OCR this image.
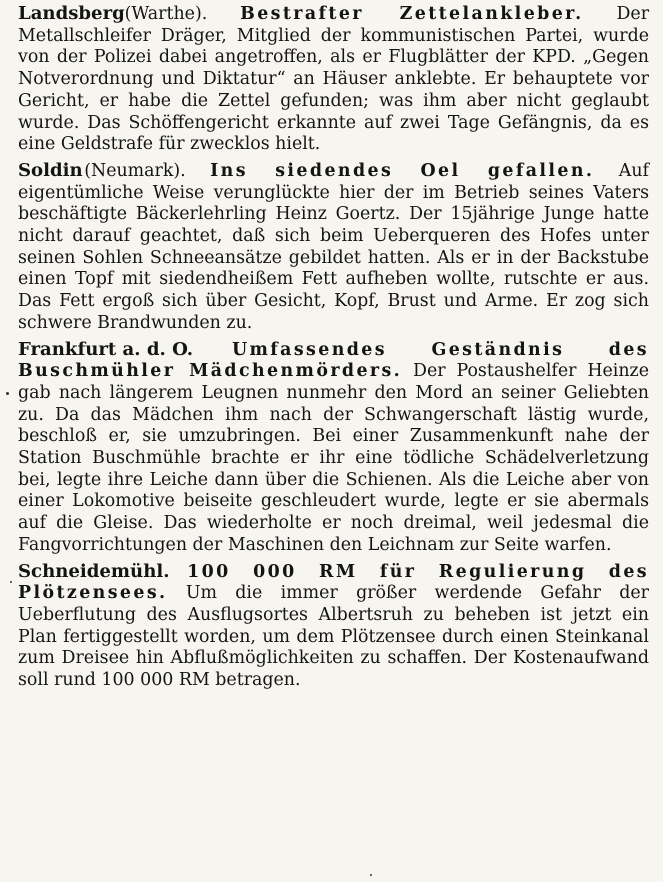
Landsberg(Warthe). Bestrafter Zettelankleber. Der Metallschleifer Dräger, Mitglied der kommunistischen Partei, wurde von der Polizei dabei angetroffen, als er Flugblätter der KPD. „Gegen Notverordnung und Diktatur“ an Häuser anklebte. Er behauptete vor Gericht, er habe die Zettel gefunden; was ihm aber nicht geglaubt wurde. Das Schöffengericht erkannte auf zwei Tage Gefängnis, da es eine Geldstrafe für zwecklos hielt.

Soldin(Neumark). Ins siedendes Oel gefallen. Auf eigentümliche Weise verunglückte hier der im Betrieb seines Vaters beschäftigte Bäckerlehrling Heinz Goertz. Der 15jährige Junge hatte nicht darauf geachtet, daß sich beim Ueberqueren des Hofes unter seinen Sohlen Schneeansätze gebildet hatten. Als er in der Backstube einen Topf mit siedendheißem Fett aufheben wollte, rutschte er aus. Das Fett ergoß sich über Gesicht, Kopf, Brust und Arme. Er zog sich schwere Brandwunden zu.

Frankfurt a. d. O. Umfassendes Geständnis des Buschmühler Mädchenmörders. Der Postaushelfer Heinze gab nach längerem Leugnen nunmehr den Mord an seiner Geliebten zu. Da das Mädchen ihm nach der Schwangerschaft lästig wurde, beschloß er, sie umzubringen. Bei einer Zusammenkunft nahe der Station Buschmühle brachte er ihr eine tödliche Schädelverletzung bei, legte ihre Leiche dann über die Schienen. Als die Leiche aber von einer Lokomotive beiseite geschleudert wurde, legte er sie abermals auf die Gleise. Das wiederholte er noch dreimal, weil jedesmal die Fangvorrichtungen der Maschinen den Leichnam zur Seite warfen.

Schneidemühl. 100 000 RM für Regulierung des Plötzensees. Um die immer größer werdende Gefahr der Ueberflutung des Ausflugsortes Albertsruh zu beheben ist jetzt ein Plan fertiggestellt worden, um dem Plötzensee durch einen Steinkanal zum Dreisee hin Abflußmöglichkeiten zu schaffen. Der Kostenaufwand soll rund 100 000 RM betragen.
